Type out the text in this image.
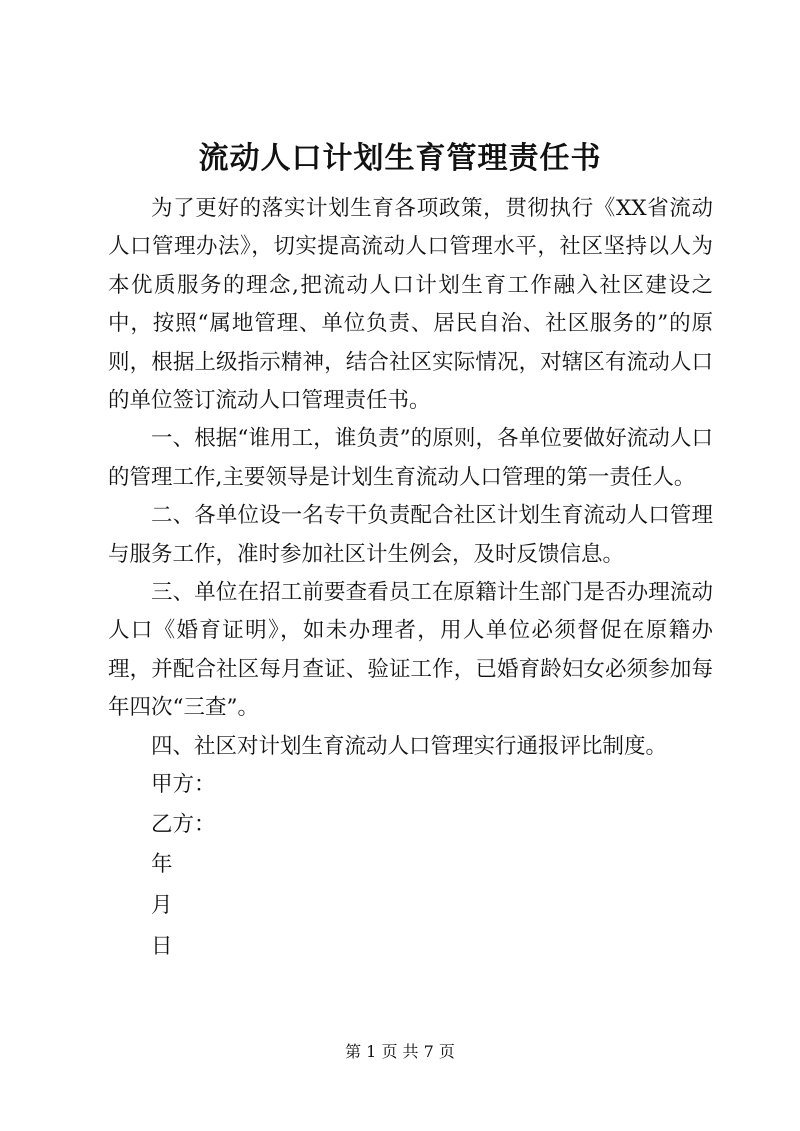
流动人口计划生育管理责任书

为了更好的落实计划生育各项政策，贯彻执行《XX省流动人口管理办法》，切实提高流动人口管理水平，社区坚持以人为本优质服务的理念,把流动人口计划生育工作融入社区建设之中，按照“属地管理、单位负责、居民自治、社区服务的”的原则，根据上级指示精神，结合社区实际情况，对辖区有流动人口的单位签订流动人口管理责任书。

一、根据“谁用工，谁负责”的原则，各单位要做好流动人口的管理工作,主要领导是计划生育流动人口管理的第一责任人。

二、各单位设一名专干负责配合社区计划生育流动人口管理与服务工作，准时参加社区计生例会，及时反馈信息。

三、单位在招工前要查看员工在原籍计生部门是否办理流动人口《婚育证明》，如未办理者，用人单位必须督促在原籍办理，并配合社区每月查证、验证工作，已婚育龄妇女必须参加每年四次“三查”。

四、社区对计划生育流动人口管理实行通报评比制度。

甲方：

乙方：

年

月

日

第 1 页 共 7 页
